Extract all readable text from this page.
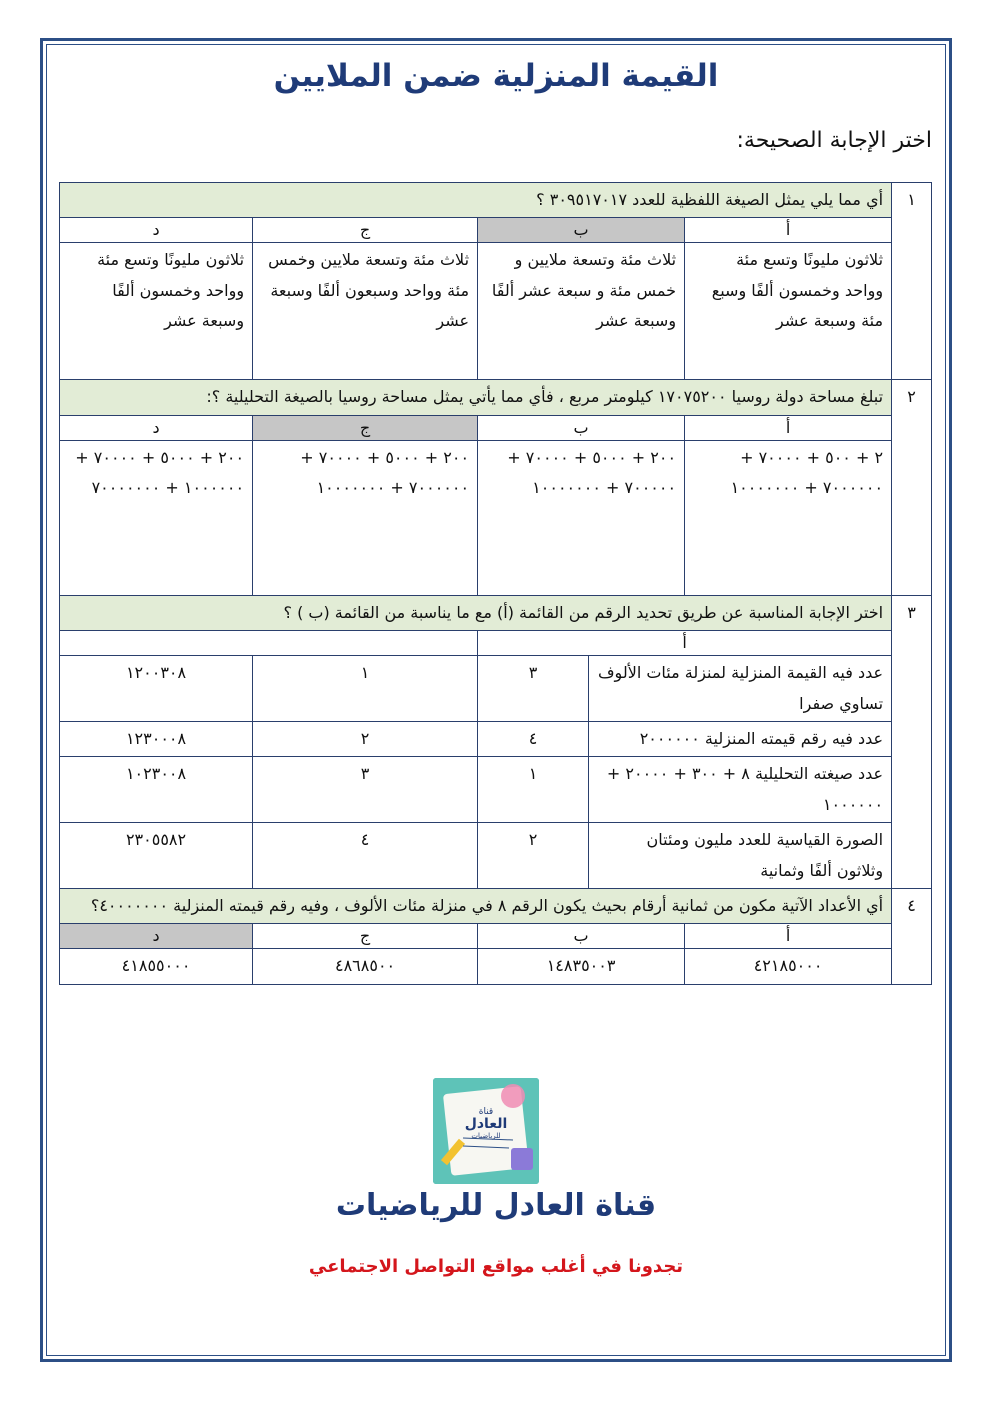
القيمة المنزلية ضمن الملايين
اختر الإجابة الصحيحة:
١	أي مما يلي يمثل الصيغة اللفظية للعدد ٣٠٩٥١٧٠١٧ ؟				
	أ	ب		ج	د
	ثلاثون مليونًا وتسع مئة وواحد وخمسون ألفًا وسبع مئة وسبعة عشر	ثلاث مئة وتسعة ملايين و خمس مئة و سبعة عشر ألفًا وسبعة عشر		ثلاث مئة وتسعة ملايين وخمس مئة وواحد وسبعون ألفًا وسبعة عشر	ثلاثون مليونًا وتسع مئة وواحد وخمسون ألفًا وسبعة عشر
٢	تبلغ مساحة دولة روسيا ١٧٠٧٥٢٠٠ كيلومتر مربع ، فأي مما يأتي يمثل مساحة روسيا بالصيغة التحليلية ؟:				
	أ	ب		ج	د
	٢ + ٥٠٠ + ٧٠٠٠٠ + ٧٠٠٠٠٠٠ + ١٠٠٠٠٠٠٠	٢٠٠ + ٥٠٠٠ + ٧٠٠٠٠ + ٧٠٠٠٠٠ + ١٠٠٠٠٠٠٠		٢٠٠ + ٥٠٠٠ + ٧٠٠٠٠ + ٧٠٠٠٠٠٠ + ١٠٠٠٠٠٠٠	٢٠٠ + ٥٠٠٠ + ٧٠٠٠٠ + ١٠٠٠٠٠٠ + ٧٠٠٠٠٠٠٠
٣	اختر الإجابة المناسبة عن طريق تحديد الرقم من القائمة (أ) مع ما يناسبة من القائمة (ب ) ؟				
	أ				
	عدد فيه القيمة المنزلية لمنزلة مئات الألوف تساوي صفرا		٣	١	١٢٠٠٣٠٨
	عدد فيه رقم قيمته المنزلية ٢٠٠٠٠٠٠		٤	٢	١٢٣٠٠٠٨
	عدد صيغته التحليلية ٨ + ٣٠٠ + ٢٠٠٠٠ + ١٠٠٠٠٠٠		١	٣	١٠٢٣٠٠٨
	الصورة القياسية للعدد مليون ومئتان وثلاثون ألفًا وثمانية		٢	٤	٢٣٠٥٥٨٢
٤	أي الأعداد الآتية مكون من ثمانية أرقام بحيث يكون الرقم ٨ في منزلة مئات الألوف ، وفيه رقم قيمته المنزلية ٤٠٠٠٠٠٠٠؟				
	أ	ب		ج	د
	٤٢١٨٥٠٠٠	١٤٨٣٥٠٠٣		٤٨٦٨٥٠٠	٤١٨٥٥٠٠٠
قناة
العادل
للرياضيات
قناة العادل للرياضيات
تجدونا في أغلب مواقع التواصل الاجتماعي
